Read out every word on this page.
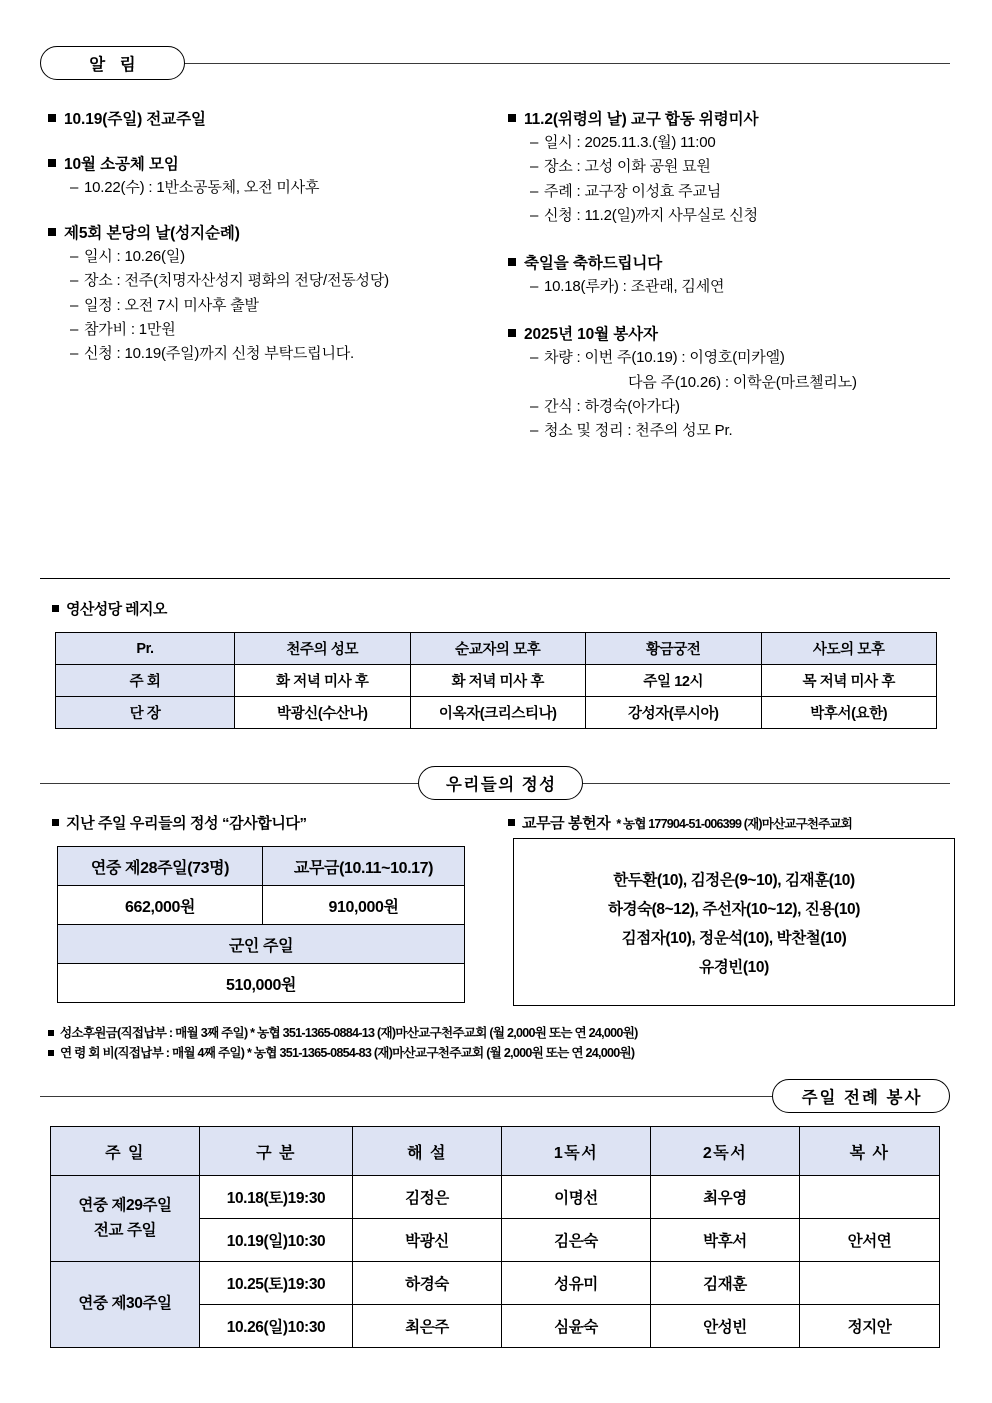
알 림
10.19(주일) 전교주일
10월 소공체 모임
– 10.22(수) : 1반소공동체, 오전 미사후
제5회 본당의 날(성지순례)
– 일시 : 10.26(일)
– 장소 : 전주(치명자산성지 평화의 전당/전동성당)
– 일정 : 오전 7시 미사후 출발
– 참가비 : 1만원
– 신청 : 10.19(주일)까지 신청 부탁드립니다.
11.2(위령의 날) 교구 합동 위령미사
– 일시 : 2025.11.3.(월) 11:00
– 장소 : 고성 이화 공원 묘원
– 주례 : 교구장 이성효 주교님
– 신청 : 11.2(일)까지 사무실로 신청
축일을 축하드립니다
– 10.18(루카) : 조관래, 김세연
2025년 10월 봉사자
– 차량 : 이번 주(10.19) : 이영호(미카엘)
다음 주(10.26) : 이학운(마르첼리노)
– 간식 : 하경숙(아가다)
– 청소 및 정리 : 천주의 성모 Pr.
영산성당 레지오
Pr.	천주의 성모	순교자의 모후	황금궁전	사도의 모후
주 회	화 저녁 미사 후	화 저녁 미사 후	주일 12시	목 저녁 미사 후
단 장	박광신(수산나)	이옥자(크리스티나)	강성자(루시아)	박후서(요한)
우리들의 정성
지난 주일 우리들의 정성 “감사합니다”
연중 제28주일(73명)	교무금(10.11~10.17)
662,000원	910,000원
군인 주일	
510,000원	
교무금 봉헌자 * 농협 177904-51-006399 (재)마산교구천주교회
한두환(10), 김정은(9~10), 김재훈(10)
하경숙(8~12), 주선자(10~12), 진용(10)
김점자(10), 정운석(10), 박찬철(10)
유경빈(10)
성소후원금(직접납부 : 매월 3째 주일) * 농협 351-1365-0884-13 (재)마산교구천주교회 (월 2,000원 또는 연 24,000원)
연 령 회 비(직접납부 : 매월 4째 주일) * 농협 351-1365-0854-83 (재)마산교구천주교회 (월 2,000원 또는 연 24,000원)
주일 전례 봉사
주 일	구 분	해 설	1독서	2독서	복 사

연중 제29주일
전교 주일	10.18(토)19:30	김정은	이명선	최우영	
	10.19(일)10:30	박광신	김은숙	박후서	안서연

연중 제30주일	10.25(토)19:30	하경숙	성유미	김재훈	
	10.26(일)10:30	최은주	심윤숙	안성빈	정지안
